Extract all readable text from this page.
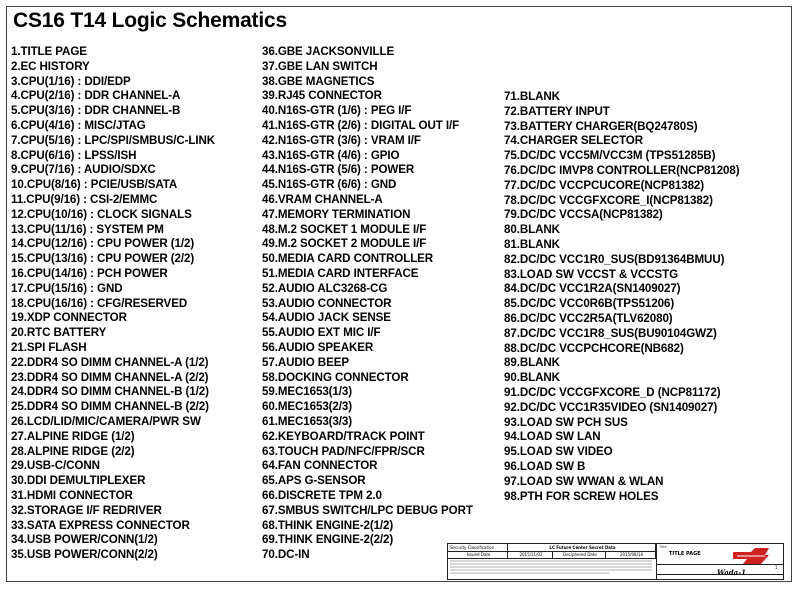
CS16 T14 Logic Schematics
1.TITLE PAGE
2.EC HISTORY
3.CPU(1/16) : DDI/EDP
4.CPU(2/16) : DDR CHANNEL-A
5.CPU(3/16) : DDR CHANNEL-B
6.CPU(4/16) : MISC/JTAG
7.CPU(5/16) : LPC/SPI/SMBUS/C-LINK
8.CPU(6/16) : LPSS/ISH
9.CPU(7/16) : AUDIO/SDXC
10.CPU(8/16) : PCIE/USB/SATA
11.CPU(9/16) : CSI-2/EMMC
12.CPU(10/16) : CLOCK SIGNALS
13.CPU(11/16) : SYSTEM PM
14.CPU(12/16) : CPU POWER (1/2)
15.CPU(13/16) : CPU POWER (2/2)
16.CPU(14/16) : PCH POWER
17.CPU(15/16) : GND
18.CPU(16/16) : CFG/RESERVED
19.XDP CONNECTOR
20.RTC BATTERY
21.SPI FLASH
22.DDR4 SO DIMM CHANNEL-A (1/2)
23.DDR4 SO DIMM CHANNEL-A (2/2)
24.DDR4 SO DIMM CHANNEL-B (1/2)
25.DDR4 SO DIMM CHANNEL-B (2/2)
26.LCD/LID/MIC/CAMERA/PWR SW
27.ALPINE RIDGE (1/2)
28.ALPINE RIDGE (2/2)
29.USB-C/CONN
30.DDI DEMULTIPLEXER
31.HDMI CONNECTOR
32.STORAGE I/F REDRIVER
33.SATA EXPRESS CONNECTOR
34.USB POWER/CONN(1/2)
35.USB POWER/CONN(2/2)
36.GBE JACKSONVILLE
37.GBE LAN SWITCH
38.GBE MAGNETICS
39.RJ45 CONNECTOR
40.N16S-GTR (1/6) : PEG I/F
41.N16S-GTR (2/6) : DIGITAL OUT I/F
42.N16S-GTR (3/6) : VRAM I/F
43.N16S-GTR (4/6) : GPIO
44.N16S-GTR (5/6) : POWER
45.N16S-GTR (6/6) : GND
46.VRAM CHANNEL-A
47.MEMORY TERMINATION
48.M.2 SOCKET 1 MODULE I/F
49.M.2 SOCKET 2 MODULE I/F
50.MEDIA CARD CONTROLLER
51.MEDIA CARD INTERFACE
52.AUDIO ALC3268-CG
53.AUDIO CONNECTOR
54.AUDIO JACK SENSE
55.AUDIO EXT MIC I/F
56.AUDIO SPEAKER
57.AUDIO BEEP
58.DOCKING CONNECTOR
59.MEC1653(1/3)
60.MEC1653(2/3)
61.MEC1653(3/3)
62.KEYBOARD/TRACK POINT
63.TOUCH PAD/NFC/FPR/SCR
64.FAN CONNECTOR
65.APS G-SENSOR
66.DISCRETE TPM 2.0
67.SMBUS SWITCH/LPC DEBUG PORT
68.THINK ENGINE-2(1/2)
69.THINK ENGINE-2(2/2)
70.DC-IN
71.BLANK
72.BATTERY INPUT
73.BATTERY CHARGER(BQ24780S)
74.CHARGER SELECTOR
75.DC/DC VCC5M/VCC3M (TPS51285B)
76.DC/DC IMVP8 CONTROLLER(NCP81208)
77.DC/DC VCCPCUCORE(NCP81382)
78.DC/DC VCCGFXCORE_I(NCP81382)
79.DC/DC VCCSA(NCP81382)
80.BLANK
81.BLANK
82.DC/DC VCC1R0_SUS(BD91364BMUU)
83.LOAD SW VCCST & VCCSTG
84.DC/DC VCC1R2A(SN1409027)
85.DC/DC VCC0R6B(TPS51206)
86.DC/DC VCC2R5A(TLV62080)
87.DC/DC VCC1R8_SUS(BU90104GWZ)
88.DC/DC VCCPCHCORE(NB682)
89.BLANK
90.BLANK
91.DC/DC VCCGFXCORE_D (NCP81172)
92.DC/DC VCC1R35VIDEO (SN1409027)
93.LOAD SW PCH SUS
94.LOAD SW LAN
95.LOAD SW VIDEO
96.LOAD SW B
97.LOAD SW WWAN & WLAN
98.PTH FOR SCREW HOLES
Security Classification	LC Future Center Secret Data
Issued Date	2015/11/02	Deciphered Date	2015/08/16
Title
TITLE PAGE
Wada-1
1
